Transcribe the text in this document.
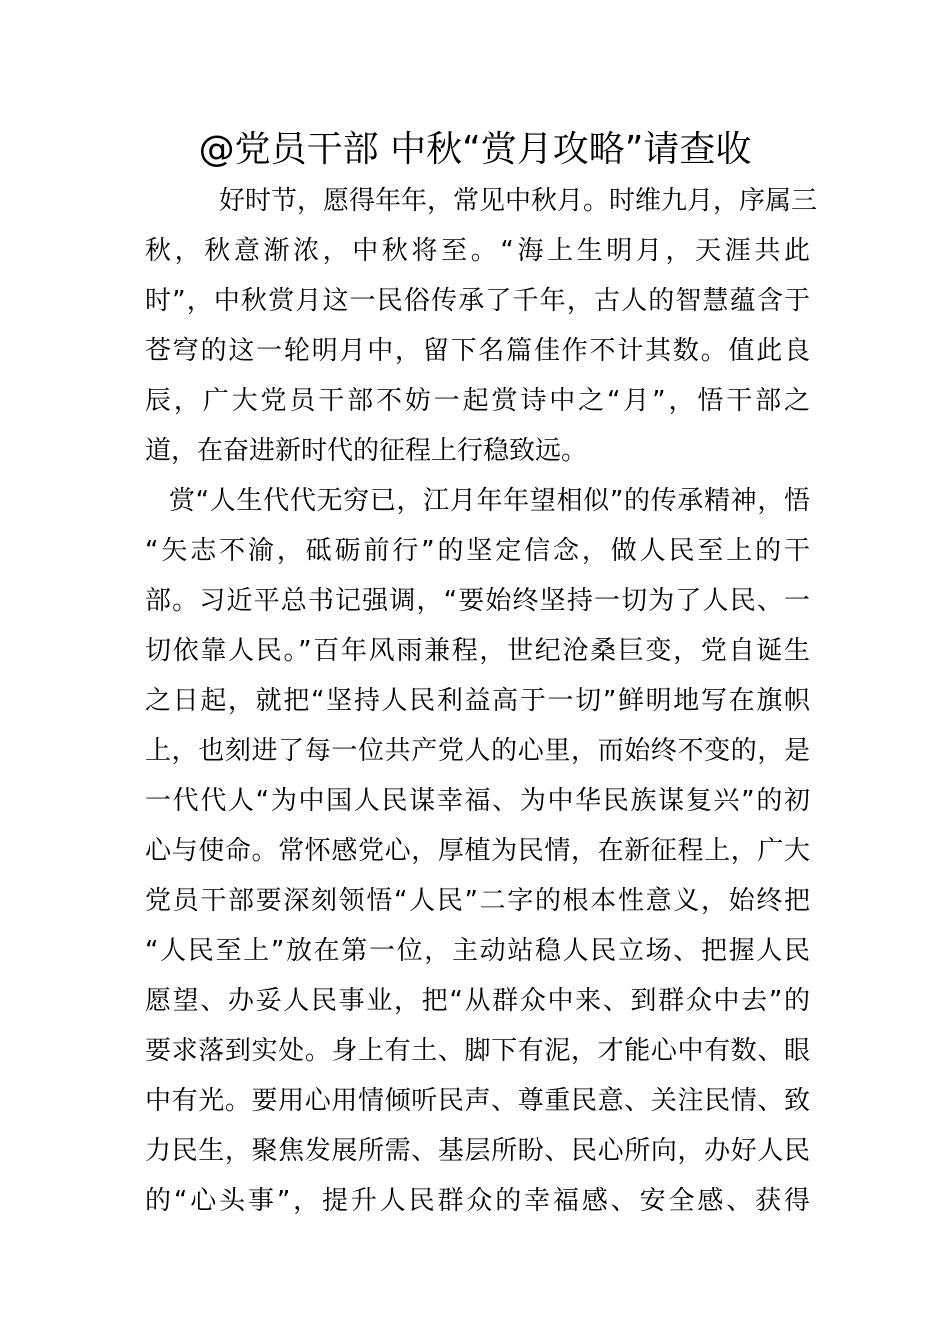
@党员干部 中秋“赏月攻略”请查收
好时节，愿得年年，常见中秋月。时维九月，序属三
秋，秋意渐浓，中秋将至。“海上生明月，天涯共此
时”，中秋赏月这一民俗传承了千年，古人的智慧蕴含于
苍穹的这一轮明月中，留下名篇佳作不计其数。值此良
辰，广大党员干部不妨一起赏诗中之“月”，悟干部之
道，在奋进新时代的征程上行稳致远。
赏“人生代代无穷已，江月年年望相似”的传承精神，悟
“矢志不渝，砥砺前行”的坚定信念，做人民至上的干
部。习近平总书记强调，“要始终坚持一切为了人民、一
切依靠人民。”百年风雨兼程，世纪沧桑巨变，党自诞生
之日起，就把“坚持人民利益高于一切”鲜明地写在旗帜
上，也刻进了每一位共产党人的心里，而始终不变的，是
一代代人“为中国人民谋幸福、为中华民族谋复兴”的初
心与使命。常怀感党心，厚植为民情，在新征程上，广大
党员干部要深刻领悟“人民”二字的根本性意义，始终把
“人民至上”放在第一位，主动站稳人民立场、把握人民
愿望、办妥人民事业，把“从群众中来、到群众中去”的
要求落到实处。身上有土、脚下有泥，才能心中有数、眼
中有光。要用心用情倾听民声、尊重民意、关注民情、致
力民生，聚焦发展所需、基层所盼、民心所向，办好人民
的“心头事”，提升人民群众的幸福感、安全感、获得
